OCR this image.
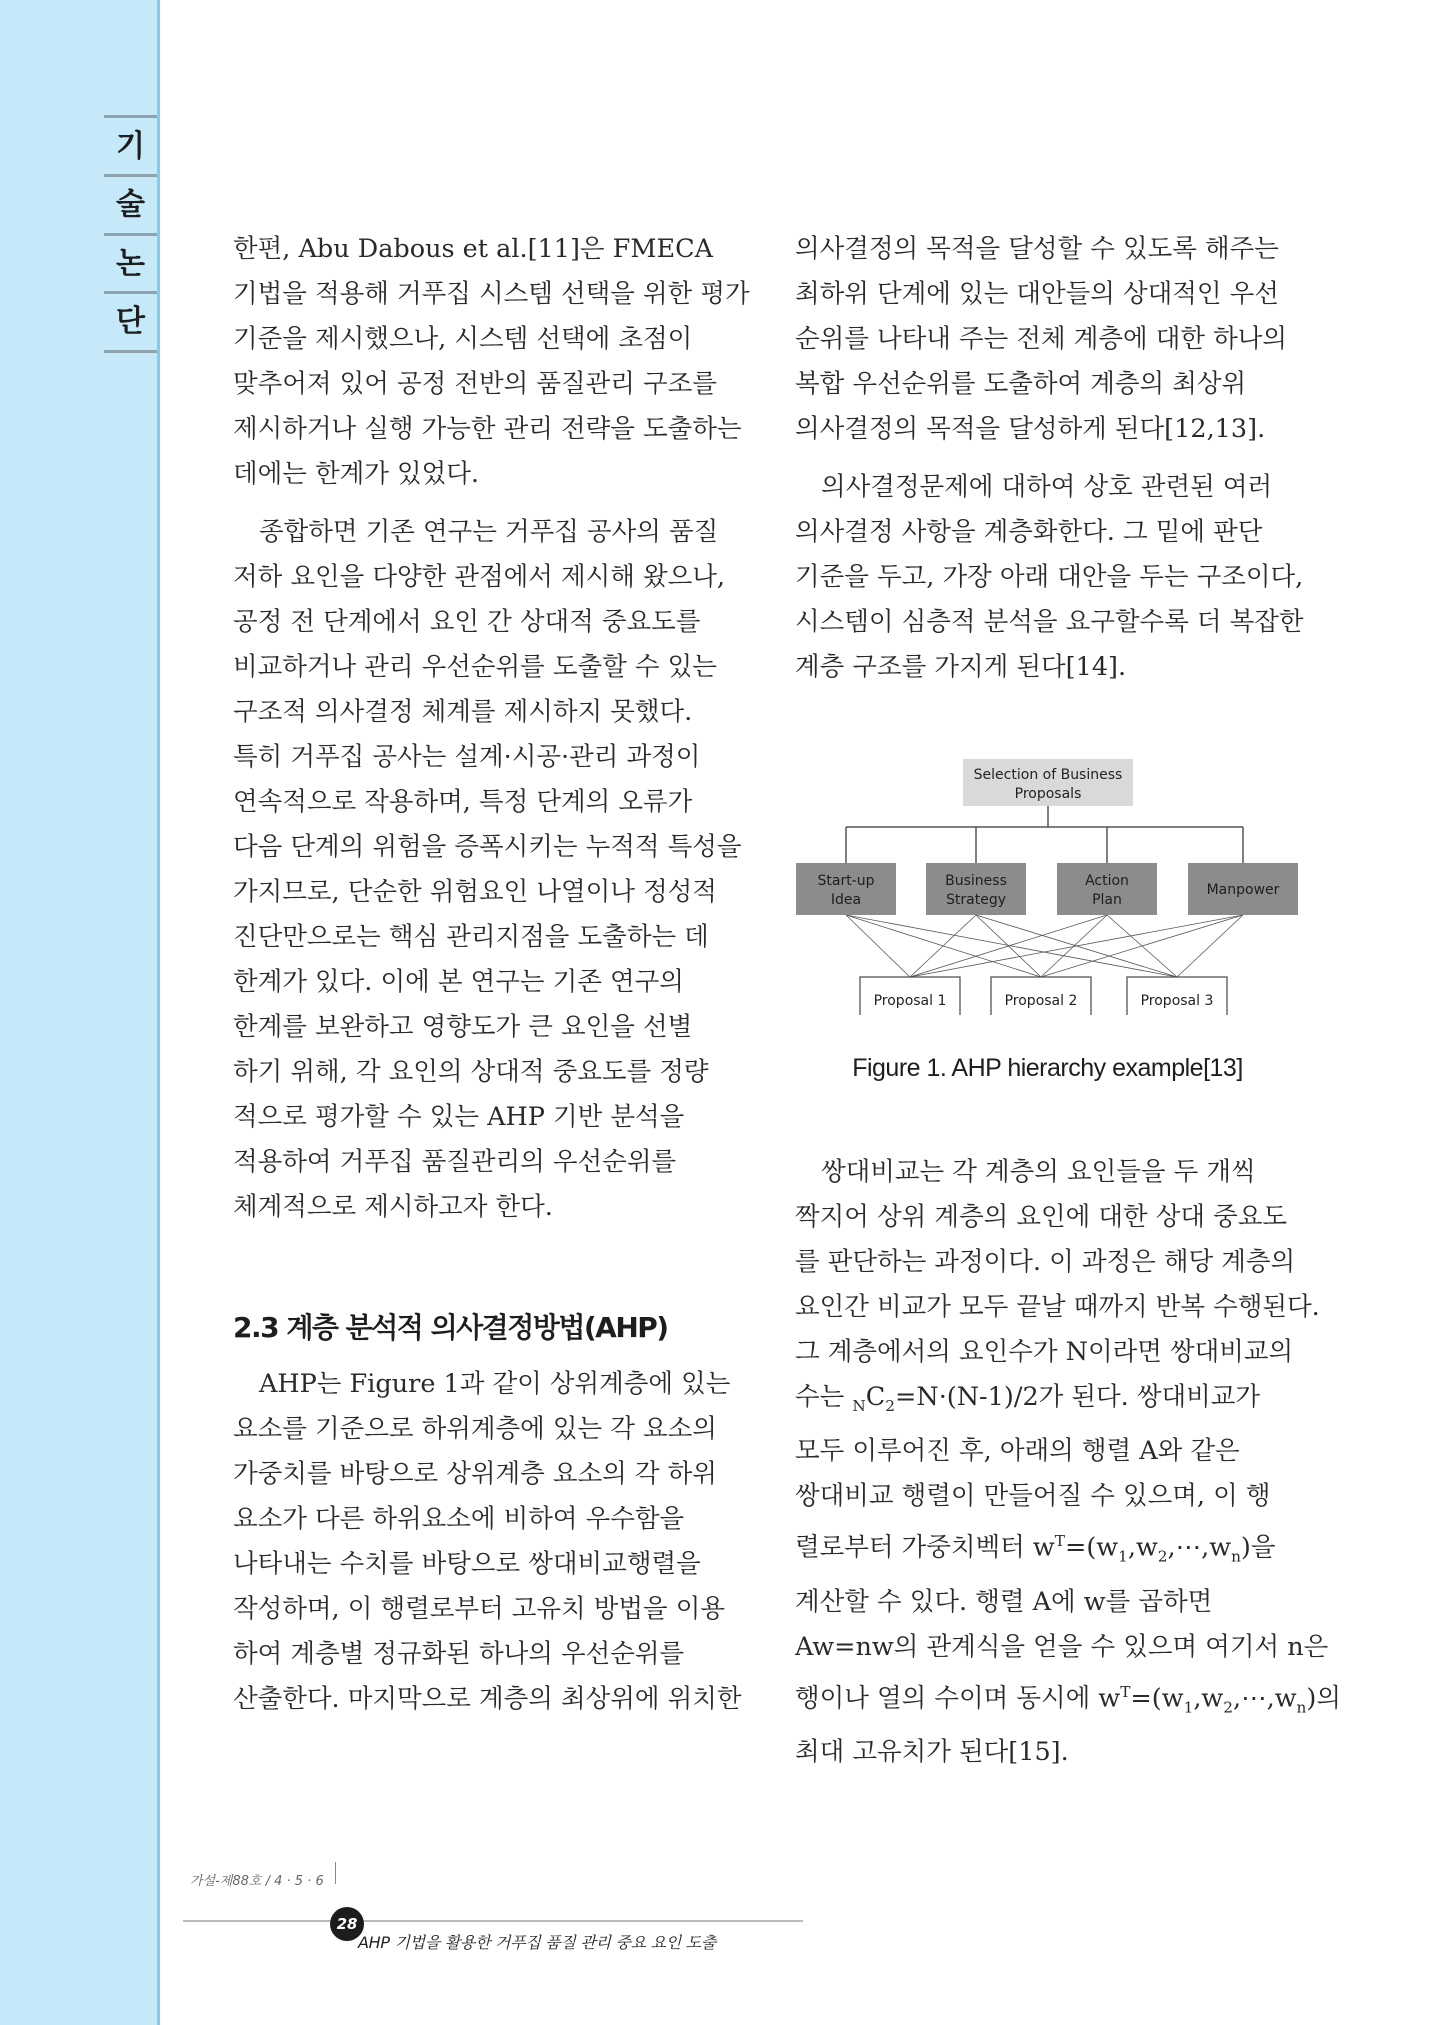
기
술
논
단

한편, Abu Dabous et al.[11]은 FMECA

기법을 적용해 거푸집 시스템 선택을 위한 평가

기준을 제시했으나, 시스템 선택에 초점이

맞추어져 있어 공정 전반의 품질관리 구조를

제시하거나 실행 가능한 관리 전략을 도출하는

데에는 한계가 있었다.

종합하면 기존 연구는 거푸집 공사의 품질

저하 요인을 다양한 관점에서 제시해 왔으나,

공정 전 단계에서 요인 간 상대적 중요도를

비교하거나 관리 우선순위를 도출할 수 있는

구조적 의사결정 체계를 제시하지 못했다.

특히 거푸집 공사는 설계·시공·관리 과정이

연속적으로 작용하며, 특정 단계의 오류가

다음 단계의 위험을 증폭시키는 누적적 특성을

가지므로, 단순한 위험요인 나열이나 정성적

진단만으로는 핵심 관리지점을 도출하는 데

한계가 있다. 이에 본 연구는 기존 연구의

한계를 보완하고 영향도가 큰 요인을 선별

하기 위해, 각 요인의 상대적 중요도를 정량

적으로 평가할 수 있는 AHP 기반 분석을

적용하여 거푸집 품질관리의 우선순위를

체계적으로 제시하고자 한다.

2.3 계층 분석적 의사결정방법(AHP)

AHP는 Figure 1과 같이 상위계층에 있는

요소를 기준으로 하위계층에 있는 각 요소의

가중치를 바탕으로 상위계층 요소의 각 하위

요소가 다른 하위요소에 비하여 우수함을

나타내는 수치를 바탕으로 쌍대비교행렬을

작성하며, 이 행렬로부터 고유치 방법을 이용

하여 계층별 정규화된 하나의 우선순위를

산출한다. 마지막으로 계층의 최상위에 위치한

의사결정의 목적을 달성할 수 있도록 해주는

최하위 단계에 있는 대안들의 상대적인 우선

순위를 나타내 주는 전체 계층에 대한 하나의

복합 우선순위를 도출하여 계층의 최상위

의사결정의 목적을 달성하게 된다[12,13].

의사결정문제에 대하여 상호 관련된 여러

의사결정 사항을 계층화한다. 그 밑에 판단

기준을 두고, 가장 아래 대안을 두는 구조이다,

시스템이 심층적 분석을 요구할수록 더 복잡한

계층 구조를 가지게 된다[14].

Selection of Business
Proposals
Start-up
Idea
Business
Strategy
Action
Plan
Manpower
Proposal 1	Proposal 2	Proposal 3
Figure 1. AHP hierarchy example[13]

쌍대비교는 각 계층의 요인들을 두 개씩

짝지어 상위 계층의 요인에 대한 상대 중요도

를 판단하는 과정이다. 이 과정은 해당 계층의

요인간 비교가 모두 끝날 때까지 반복 수행된다.

그 계층에서의 요인수가 N이라면 쌍대비교의

수는 $_NC_2=N\cdot(N-1)/2$가 된다. 쌍대비교가

모두 이루어진 후, 아래의 행렬 A와 같은

쌍대비교 행렬이 만들어질 수 있으며, 이 행

렬로부터 가중치벡터 $w^T=(w_1,w_2,\cdots,w_n)$을

계산할 수 있다. 행렬 A에 w를 곱하면

Aw=nw의 관계식을 얻을 수 있으며 여기서 n은

행이나 열의 수이며 동시에 $w^T=(w_1,w_2,\cdots,w_n)$의

최대 고유치가 된다[15].

가설-제88호 / 4 · 5 · 6
28
AHP 기법을 활용한 거푸집 품질 관리 중요 요인 도출
